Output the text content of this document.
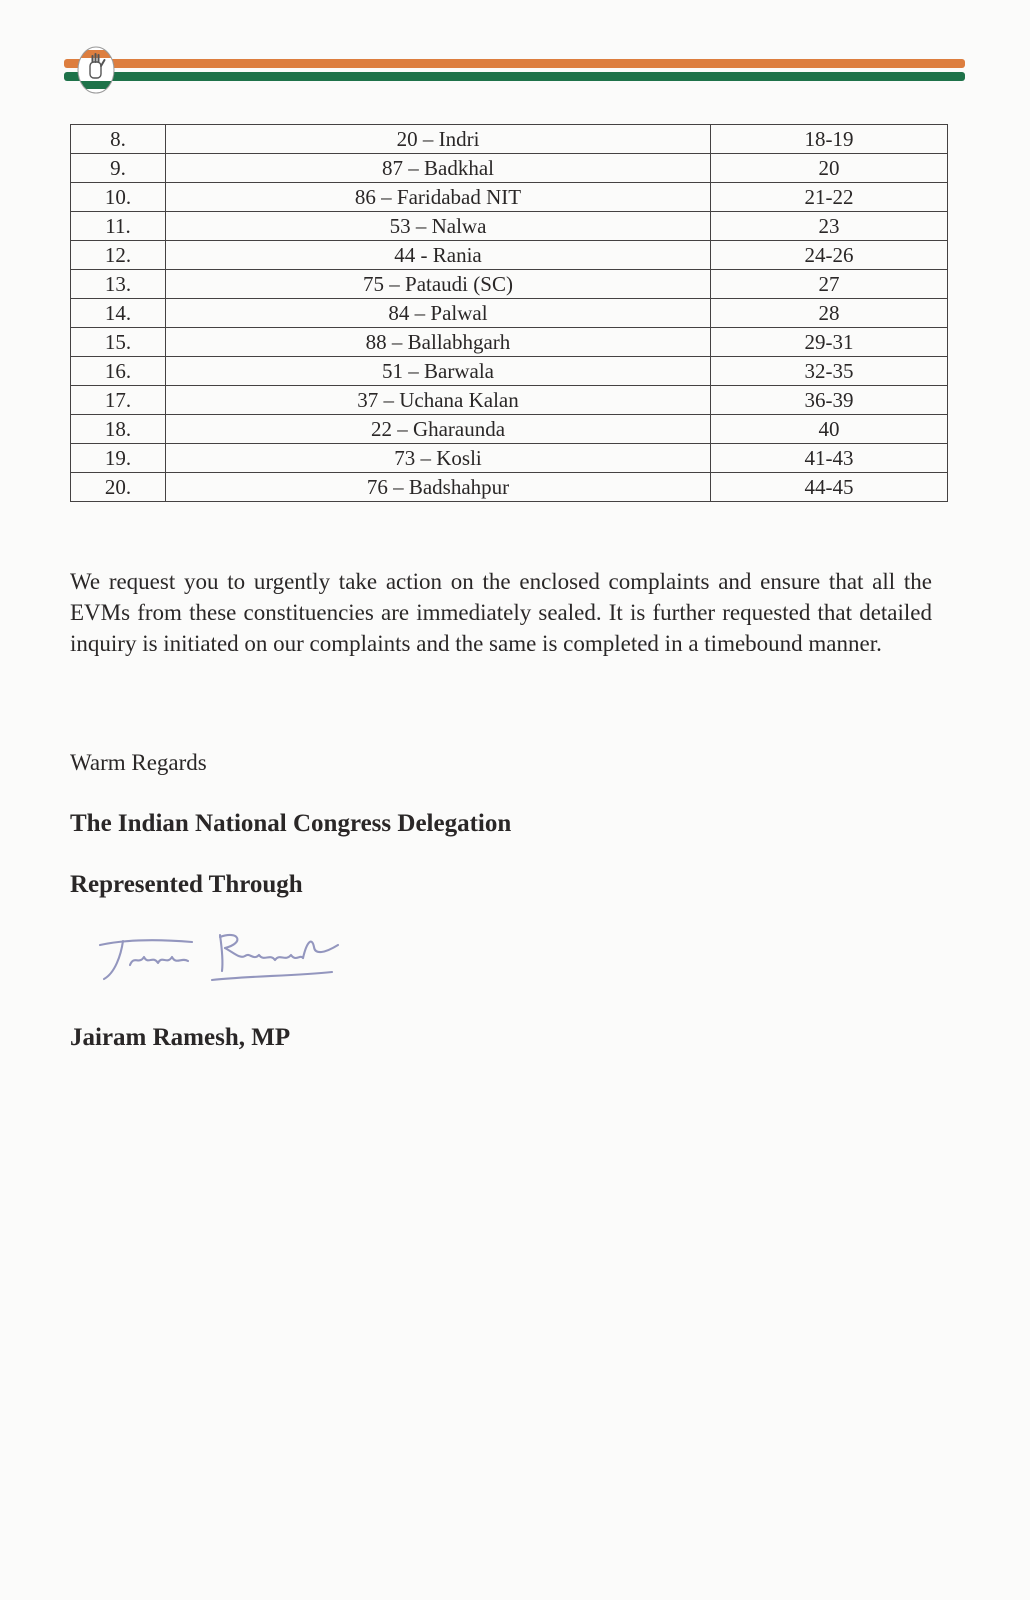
8.	20 – Indri	18-19
9.	87 – Badkhal	20
10.	86 – Faridabad NIT	21-22
11.	53 – Nalwa	23
12.	44 - Rania	24-26
13.	75 – Pataudi (SC)	27
14.	84 – Palwal	28
15.	88 – Ballabhgarh	29-31
16.	51 – Barwala	32-35
17.	37 – Uchana Kalan	36-39
18.	22 – Gharaunda	40
19.	73 – Kosli	41-43
20.	76 – Badshahpur	44-45
We request you to urgently take action on the enclosed complaints and ensure that all the EVMs from these constituencies are immediately sealed. It is further requested that detailed inquiry is initiated on our complaints and the same is completed in a timebound manner.
Warm Regards
The Indian National Congress Delegation
Represented Through
Jairam Ramesh, MP
